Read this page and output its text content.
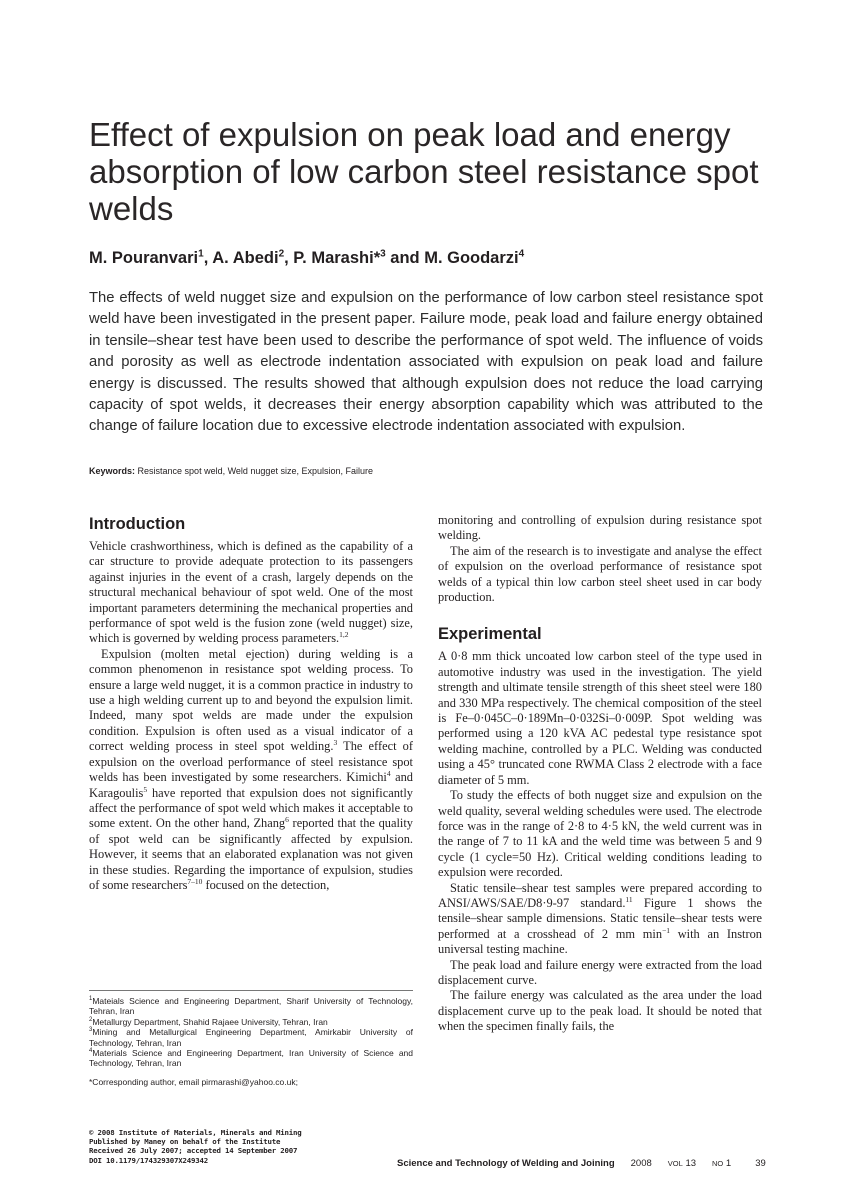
Effect of expulsion on peak load and energy absorption of low carbon steel resistance spot welds
M. Pouranvari$^1$, A. Abedi$^2$, P. Marashi*$^3$ and M. Goodarzi$^4$
The effects of weld nugget size and expulsion on the performance of low carbon steel resistance spot weld have been investigated in the present paper. Failure mode, peak load and failure energy obtained in tensile–shear test have been used to describe the performance of spot weld. The influence of voids and porosity as well as electrode indentation associated with expulsion on peak load and failure energy is discussed. The results showed that although expulsion does not reduce the load carrying capacity of spot welds, it decreases their energy absorption capability which was attributed to the change of failure location due to excessive electrode indentation associated with expulsion.
Keywords: Resistance spot weld, Weld nugget size, Expulsion, Failure
Introduction

Vehicle crashworthiness, which is defined as the capability of a car structure to provide adequate protection to its passengers against injuries in the event of a crash, largely depends on the structural mechanical behaviour of spot weld. One of the most important parameters determining the mechanical properties and performance of spot weld is the fusion zone (weld nugget) size, which is governed by welding process parameters.$^{1,2}$

Expulsion (molten metal ejection) during welding is a common phenomenon in resistance spot welding process. To ensure a large weld nugget, it is a common practice in industry to use a high welding current up to and beyond the expulsion limit. Indeed, many spot welds are made under the expulsion condition. Expulsion is often used as a visual indicator of a correct welding process in steel spot welding.$^3$ The effect of expulsion on the overload performance of steel resistance spot welds has been investigated by some researchers. Kimichi$^4$ and Karagoulis$^5$ have reported that expulsion does not significantly affect the performance of spot weld which makes it acceptable to some extent. On the other hand, Zhang$^6$ reported that the quality of spot weld can be significantly affected by expulsion. However, it seems that an elaborated explanation was not given in these studies. Regarding the importance of expulsion, studies of some researchers$^{7-10}$ focused on the detection,

$^1$Mateials Science and Engineering Department, Sharif University of Technology, Tehran, Iran

$^2$Metallurgy Department, Shahid Rajaee University, Tehran, Iran

$^3$Mining and Metallurgical Engineering Department, Amirkabir University of Technology, Tehran, Iran

$^4$Materials Science and Engineering Department, Iran University of Science and Technology, Tehran, Iran

*Corresponding author, email pirmarashi@yahoo.co.uk;

monitoring and controlling of expulsion during resistance spot welding.

The aim of the research is to investigate and analyse the effect of expulsion on the overload performance of resistance spot welds of a typical thin low carbon steel sheet used in car body production.

Experimental

A 0·8 mm thick uncoated low carbon steel of the type used in automotive industry was used in the investigation. The yield strength and ultimate tensile strength of this sheet steel were 180 and 330 MPa respectively. The chemical composition of the steel is Fe–0·045C–0·189Mn–0·032Si–0·009P. Spot welding was performed using a 120 kVA AC pedestal type resistance spot welding machine, controlled by a PLC. Welding was conducted using a 45° truncated cone RWMA Class 2 electrode with a face diameter of 5 mm.

To study the effects of both nugget size and expulsion on the weld quality, several welding schedules were used. The electrode force was in the range of 2·8 to 4·5 kN, the weld current was in the range of 7 to 11 kA and the weld time was between 5 and 9 cycle (1 cycle=50 Hz). Critical welding conditions leading to expulsion were recorded.

Static tensile–shear test samples were prepared according to ANSI/AWS/SAE/D8·9-97 standard.$^{11}$ Figure 1 shows the tensile–shear sample dimensions. Static tensile–shear tests were performed at a crosshead of 2 mm $\min^{-1}$ with an Instron universal testing machine.

The peak load and failure energy were extracted from the load displacement curve.

The failure energy was calculated as the area under the load displacement curve up to the peak load. It should be noted that when the specimen finally fails, the

© 2008 Institute of Materials, Minerals and Mining
Published by Maney on behalf of the Institute
Received 26 July 2007; accepted 14 September 2007
DOI 10.1179/174329307X249342	Science and Technology of Welding and Joining 2008 VOL 13 NO 1	39
